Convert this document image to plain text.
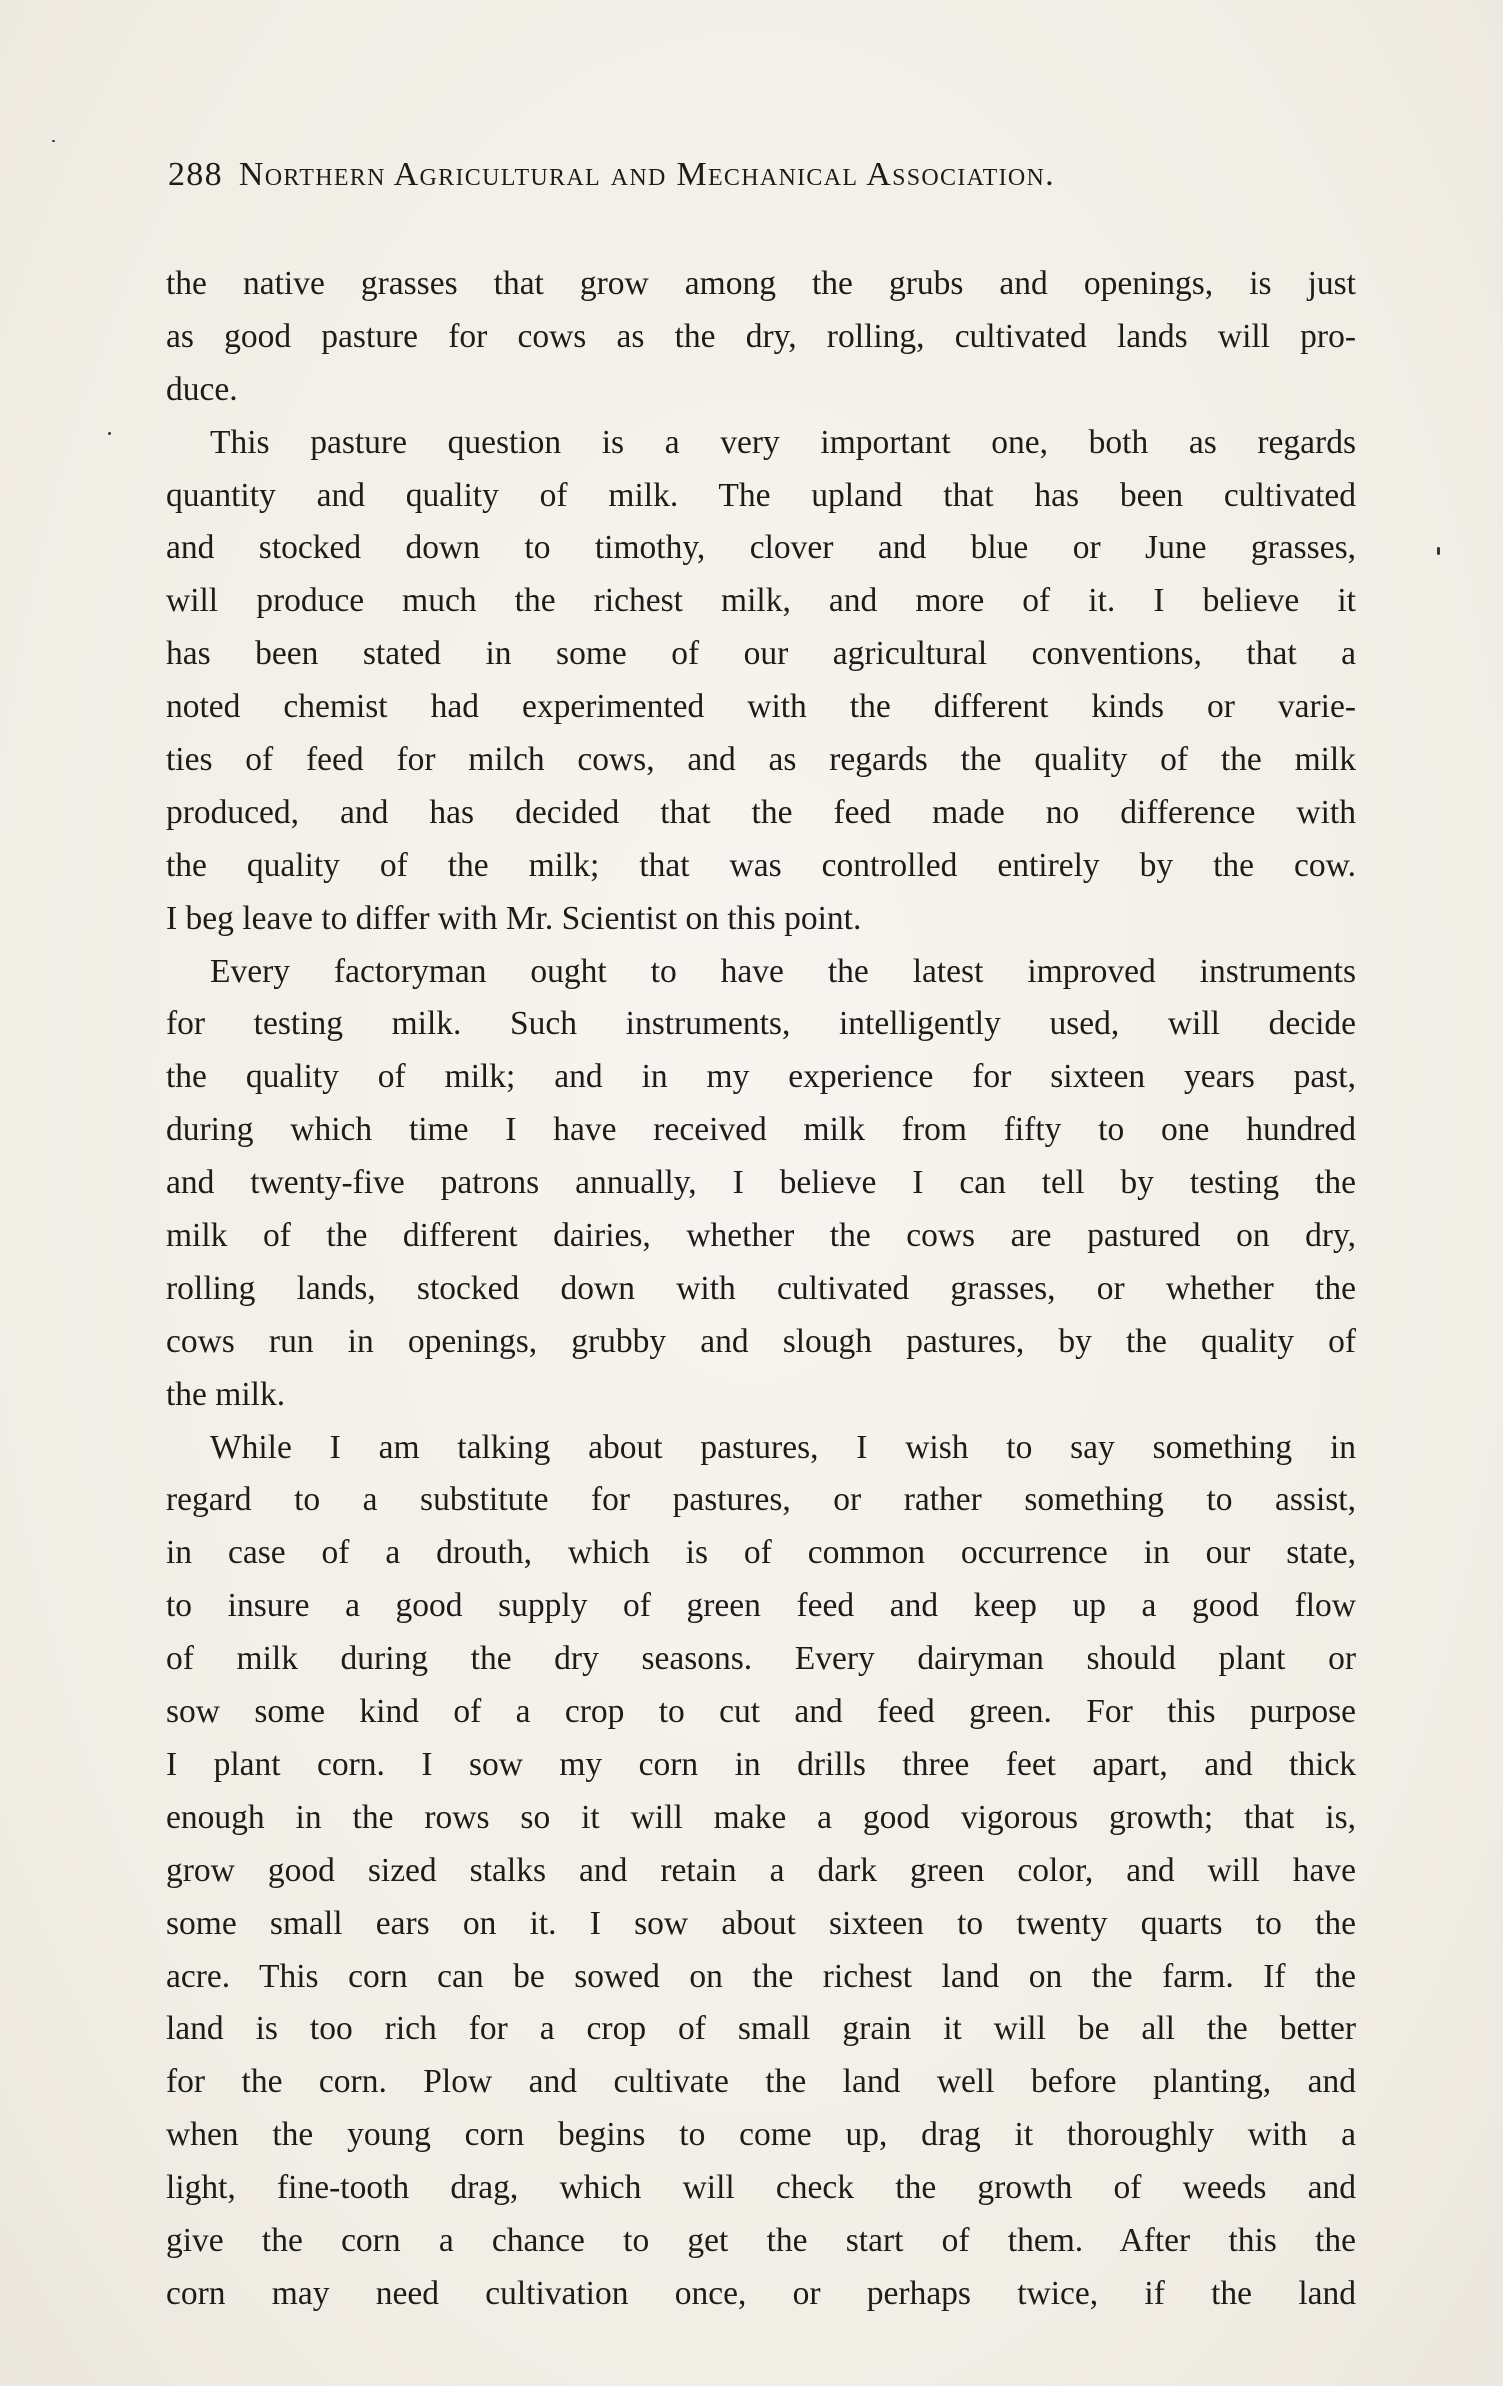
288 Northern Agricultural and Mechanical Association.
the native grasses that grow among the grubs and openings, is just
as good pasture for cows as the dry, rolling, cultivated lands will pro-
duce.
This pasture question is a very important one, both as regards
quantity and quality of milk. The upland that has been cultivated
and stocked down to timothy, clover and blue or June grasses,
will produce much the richest milk, and more of it. I believe it
has been stated in some of our agricultural conventions, that a
noted chemist had experimented with the different kinds or varie-
ties of feed for milch cows, and as regards the quality of the milk
produced, and has decided that the feed made no difference with
the quality of the milk; that was controlled entirely by the cow.
I beg leave to differ with Mr. Scientist on this point.
Every factoryman ought to have the latest improved instruments
for testing milk. Such instruments, intelligently used, will decide
the quality of milk; and in my experience for sixteen years past,
during which time I have received milk from fifty to one hundred
and twenty-five patrons annually, I believe I can tell by testing the
milk of the different dairies, whether the cows are pastured on dry,
rolling lands, stocked down with cultivated grasses, or whether the
cows run in openings, grubby and slough pastures, by the quality of
the milk.
While I am talking about pastures, I wish to say something in
regard to a substitute for pastures, or rather something to assist,
in case of a drouth, which is of common occurrence in our state,
to insure a good supply of green feed and keep up a good flow
of milk during the dry seasons. Every dairyman should plant or
sow some kind of a crop to cut and feed green. For this purpose
I plant corn. I sow my corn in drills three feet apart, and thick
enough in the rows so it will make a good vigorous growth; that is,
grow good sized stalks and retain a dark green color, and will have
some small ears on it. I sow about sixteen to twenty quarts to the
acre. This corn can be sowed on the richest land on the farm. If the
land is too rich for a crop of small grain it will be all the better
for the corn. Plow and cultivate the land well before planting, and
when the young corn begins to come up, drag it thoroughly with a
light, fine-tooth drag, which will check the growth of weeds and
give the corn a chance to get the start of them. After this the
corn may need cultivation once, or perhaps twice, if the land
